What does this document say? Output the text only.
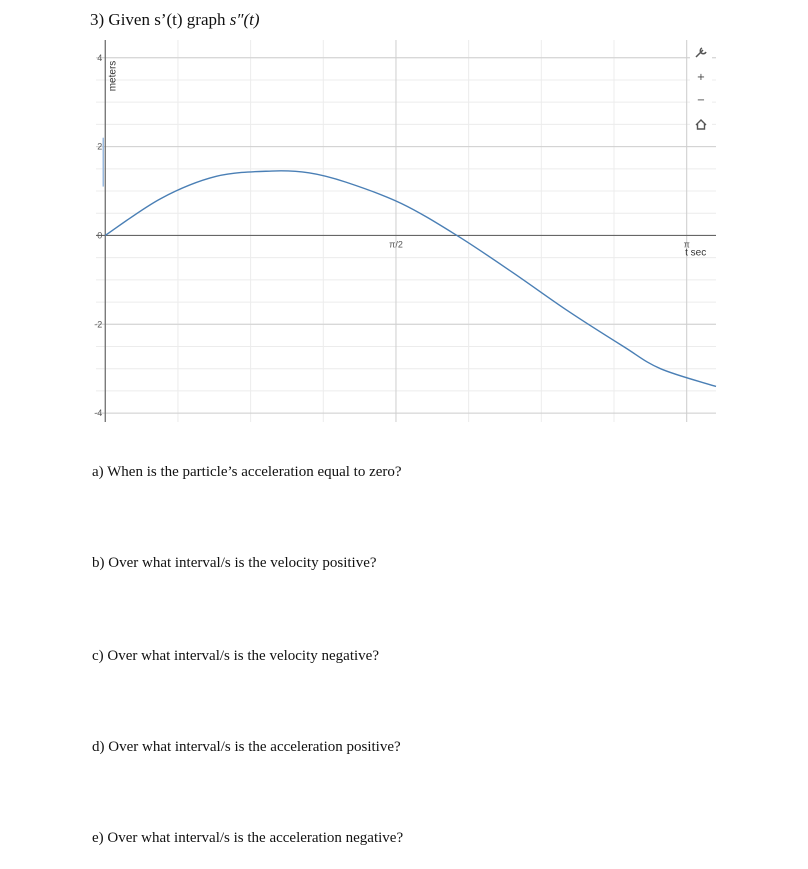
3) Given s’(t) graph s″(t)
4
2
0
-2
-4
π/2	π
meters
t sec
+
−
a) When is the particle’s acceleration equal to zero?
b) Over what interval/s is the velocity positive?
c) Over what interval/s is the velocity negative?
d) Over what interval/s is the acceleration positive?
e) Over what interval/s is the acceleration negative?
